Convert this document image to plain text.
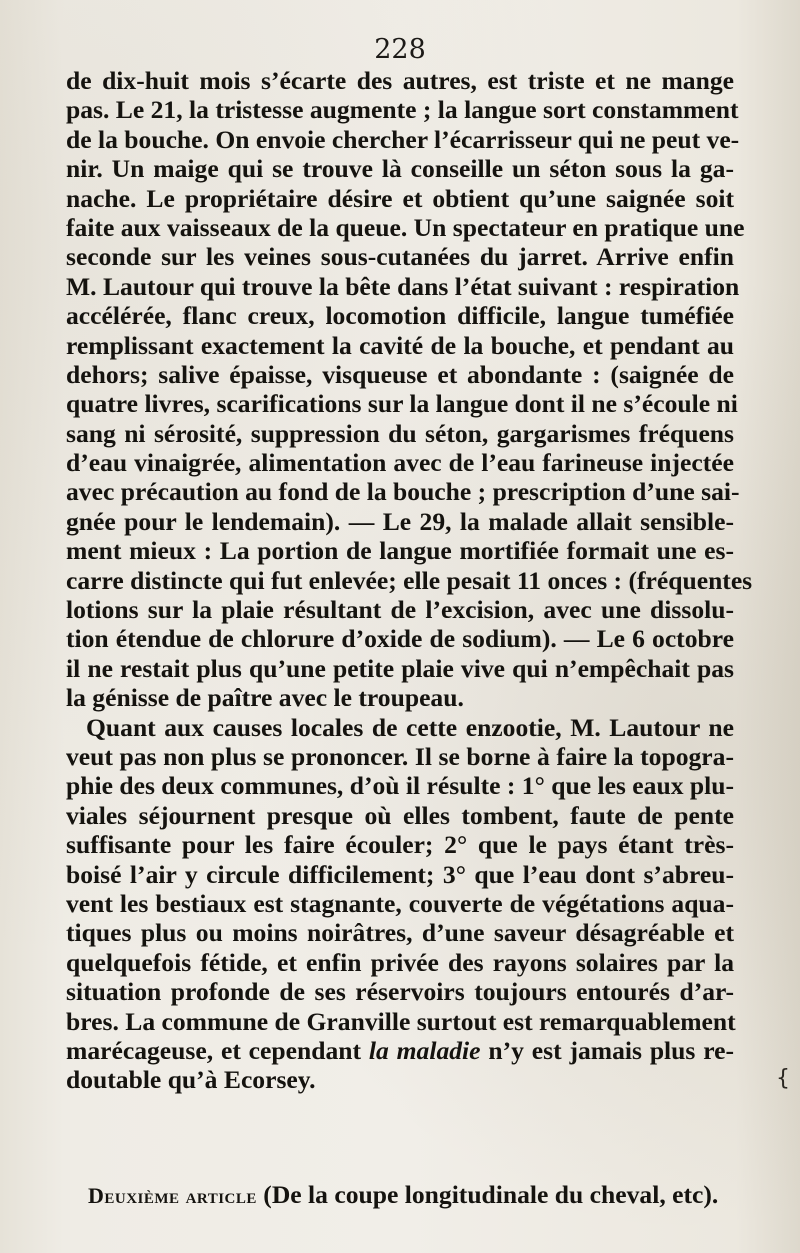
228
de dix-huit mois s’écarte des autres, est triste et ne mange
pas. Le 21, la tristesse augmente ; la langue sort constamment
de la bouche. On envoie chercher l’écarrisseur qui ne peut ve-
nir. Un maige qui se trouve là conseille un séton sous la ga-
nache. Le propriétaire désire et obtient qu’une saignée soit
faite aux vaisseaux de la queue. Un spectateur en pratique une
seconde sur les veines sous-cutanées du jarret. Arrive enfin
M. Lautour qui trouve la bête dans l’état suivant : respiration
accélérée, flanc creux, locomotion difficile, langue tuméfiée
remplissant exactement la cavité de la bouche, et pendant au
dehors; salive épaisse, visqueuse et abondante : (saignée de
quatre livres, scarifications sur la langue dont il ne s’écoule ni
sang ni sérosité, suppression du séton, gargarismes fréquens
d’eau vinaigrée, alimentation avec de l’eau farineuse injectée
avec précaution au fond de la bouche ; prescription d’une sai-
gnée pour le lendemain). — Le 29, la malade allait sensible-
ment mieux : La portion de langue mortifiée formait une es-
carre distincte qui fut enlevée; elle pesait 11 onces : (fréquentes
lotions sur la plaie résultant de l’excision, avec une dissolu-
tion étendue de chlorure d’oxide de sodium). — Le 6 octobre
il ne restait plus qu’une petite plaie vive qui n’empêchait pas
la génisse de paître avec le troupeau.
Quant aux causes locales de cette enzootie, M. Lautour ne
veut pas non plus se prononcer. Il se borne à faire la topogra-
phie des deux communes, d’où il résulte : 1° que les eaux plu-
viales séjournent presque où elles tombent, faute de pente
suffisante pour les faire écouler; 2° que le pays étant très-
boisé l’air y circule difficilement; 3° que l’eau dont s’abreu-
vent les bestiaux est stagnante, couverte de végétations aqua-
tiques plus ou moins noirâtres, d’une saveur désagréable et
quelquefois fétide, et enfin privée des rayons solaires par la
situation profonde de ses réservoirs toujours entourés d’ar-
bres. La commune de Granville surtout est remarquablement
marécageuse, et cependant la maladie n’y est jamais plus re-
doutable qu’à Ecorsey.	{
Deuxième article (De la coupe longitudinale du cheval, etc).
